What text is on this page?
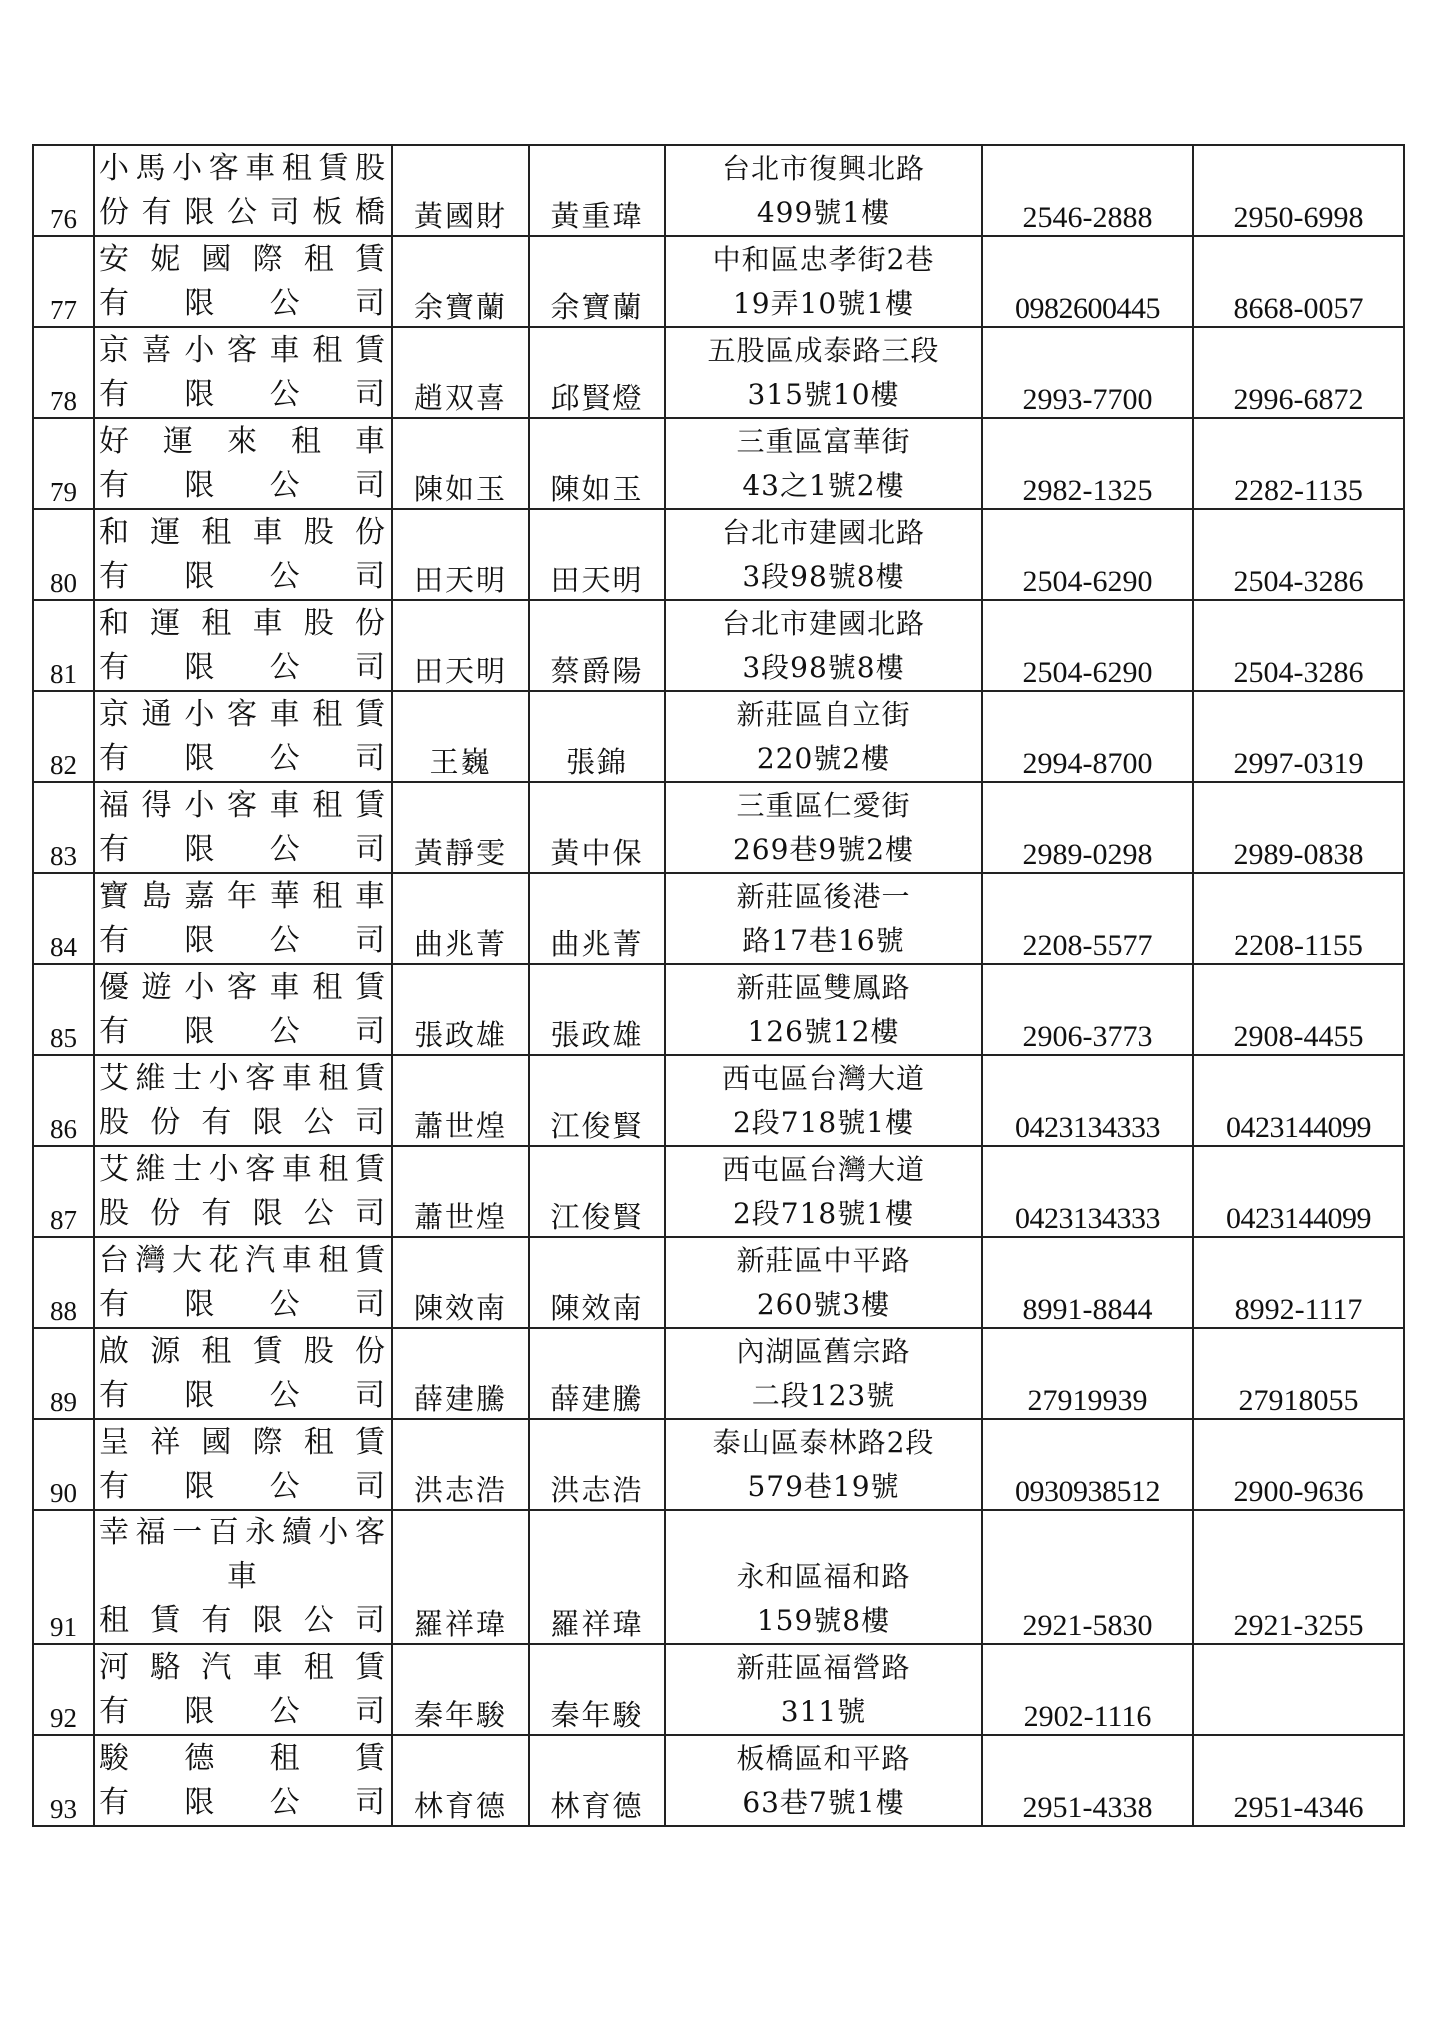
76	小馬小客車租賃股
份有限公司板橋	黃國財	黃重瑋	台北市復興北路
499號1樓	2546-2888	2950-6998
77	安妮國際租賃
有限公司	余寶蘭	余寶蘭	中和區忠孝街2巷
19弄10號1樓	0982600445	8668-0057
78	京喜小客車租賃
有限公司	趙双喜	邱賢燈	五股區成泰路三段
315號10樓	2993-7700	2996-6872
79	好運來租車
有限公司	陳如玉	陳如玉	三重區富華街
43之1號2樓	2982-1325	2282-1135
80	和運租車股份
有限公司	田天明	田天明	台北市建國北路
3段98號8樓	2504-6290	2504-3286
81	和運租車股份
有限公司	田天明	蔡爵陽	台北市建國北路
3段98號8樓	2504-6290	2504-3286
82	京通小客車租賃
有限公司	王巍	張錦	新莊區自立街
220號2樓	2994-8700	2997-0319
83	福得小客車租賃
有限公司	黃靜雯	黃中保	三重區仁愛街
269巷9號2樓	2989-0298	2989-0838
84	寶島嘉年華租車
有限公司	曲兆菁	曲兆菁	新莊區後港一
路17巷16號	2208-5577	2208-1155
85	優遊小客車租賃
有限公司	張政雄	張政雄	新莊區雙鳳路
126號12樓	2906-3773	2908-4455
86	艾維士小客車租賃
股份有限公司	蕭世煌	江俊賢	西屯區台灣大道
2段718號1樓	0423134333	0423144099
87	艾維士小客車租賃
股份有限公司	蕭世煌	江俊賢	西屯區台灣大道
2段718號1樓	0423134333	0423144099
88	台灣大花汽車租賃
有限公司	陳效南	陳效南	新莊區中平路
260號3樓	8991-8844	8992-1117
89	啟源租賃股份
有限公司	薛建騰	薛建騰	內湖區舊宗路
二段123號	27919939	27918055
90	呈祥國際租賃
有限公司	洪志浩	洪志浩	泰山區泰林路2段
579巷19號	0930938512	2900-9636
91	幸福一百永續小客
車
租賃有限公司	羅祥瑋	羅祥瑋	永和區福和路
159號8樓	2921-5830	2921-3255
92	河駱汽車租賃
有限公司	秦年駿	秦年駿	新莊區福營路
311號	2902-1116	
93	駿德租賃
有限公司	林育德	林育德	板橋區和平路
63巷7號1樓	2951-4338	2951-4346
